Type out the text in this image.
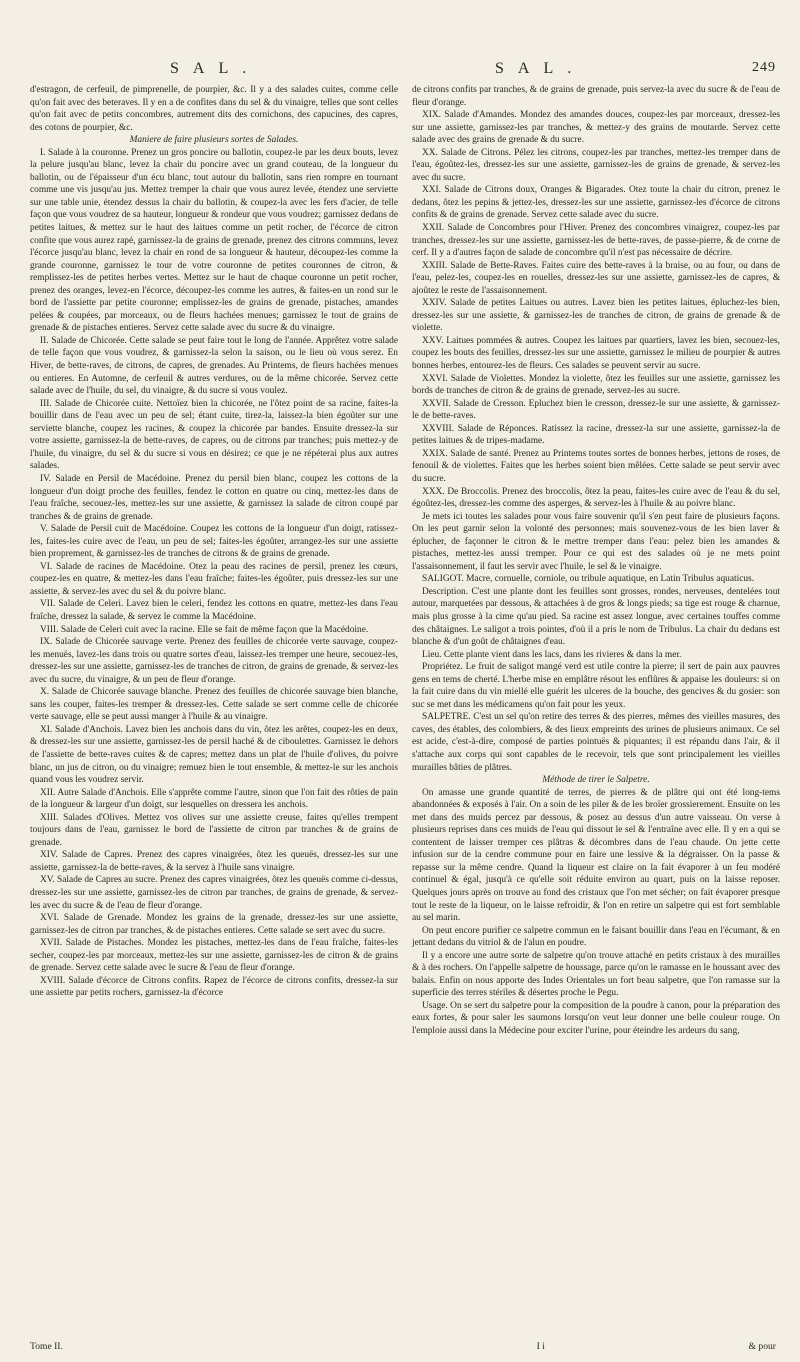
SAL.	SAL.	249

d'estragon, de cerfeuil, de pimprenelle, de pourpier, &c. Il y a des salades cuites, comme celle qu'on fait avec des beteraves. Il y en a de confites dans du sel & du vinaigre, telles que sont celles qu'on fait avec de petits concombres, autrement dits des cornichons, des capucines, des capres, des cotons de pourpier, &c.

Maniere de faire plusieurs sortes de Salades.

I. Salade à la couronne. Prenez un gros poncire ou ballotin, coupez-le par les deux bouts, levez la pelure jusqu'au blanc, levez la chair du poncire avec un grand couteau, de la longueur du ballotin, ou de l'épaisseur d'un écu blanc, tout autour du ballotin, sans rien rompre en tournant comme une vis jusqu'au jus. Mettez tremper la chair que vous aurez levée, étendez une serviette sur une table unie, étendez dessus la chair du ballotin, & coupez-la avec les fers d'acier, de telle façon que vous voudrez de sa hauteur, longueur & rondeur que vous voudrez; garnissez dedans de petites laitues, & mettez sur le haut des laitues comme un petit rocher, de l'écorce de citron confite que vous aurez rapé, garnissez-la de grains de grenade, prenez des citrons communs, levez l'écorce jusqu'au blanc, levez la chair en rond de sa longueur & hauteur, découpez-les comme la grande couronne, garnissez le tour de votre couronne de petites couronnes de citron, & remplissez-les de petites herbes vertes. Mettez sur le haut de chaque couronne un petit rocher, prenez des oranges, levez-en l'écorce, découpez-les comme les autres, & faites-en un rond sur le bord de l'assiette par petite couronne; emplissez-les de grains de grenade, pistaches, amandes pelées & coupées, par morceaux, ou de fleurs hachées menues; garnissez le tout de grains de grenade & de pistaches entieres. Servez cette salade avec du sucre & du vinaigre.

II. Salade de Chicorée. Cette salade se peut faire tout le long de l'année. Apprêtez votre salade de telle façon que vous voudrez, & garnissez-la selon la saison, ou le lieu où vous serez. En Hiver, de bette-raves, de citrons, de capres, de grenades. Au Printems, de fleurs hachées menues ou entieres. En Automne, de cerfeuil & autres verdures, ou de la même chicorée. Servez cette salade avec de l'huile, du sel, du vinaigre, & du sucre si vous voulez.

III. Salade de Chicorée cuite. Nettoïez bien la chicorée, ne l'ôtez point de sa racine, faites-la bouillir dans de l'eau avec un peu de sel; étant cuite, tirez-la, laissez-la bien égoûter sur une serviette blanche, coupez les racines, & coupez la chicorée par bandes. Ensuite dressez-la sur votre assiette, garnissez-la de bette-raves, de capres, ou de citrons par tranches; puis mettez-y de l'huile, du vinaigre, du sel & du sucre si vous en désirez; ce que je ne répéterai plus aux autres salades.

IV. Salade en Persil de Macédoine. Prenez du persil bien blanc, coupez les cottons de la longueur d'un doigt proche des feuilles, fendez le cotton en quatre ou cinq, mettez-les dans de l'eau fraîche, secouez-les, mettez-les sur une assiette, & garnissez la salade de citron coupé par tranches & de grains de grenade.

V. Salade de Persil cuit de Macédoine. Coupez les cottons de la longueur d'un doigt, ratissez-les, faites-les cuire avec de l'eau, un peu de sel; faites-les égoûter, arrangez-les sur une assiette bien proprement, & garnissez-les de tranches de citrons & de grains de grenade.

VI. Salade de racines de Macédoine. Otez la peau des racines de persil, prenez les cœurs, coupez-les en quatre, & mettez-les dans l'eau fraîche; faites-les égoûter, puis dressez-les sur une assiette, & servez-les avec du sel & du poivre blanc.

VII. Salade de Celeri. Lavez bien le celeri, fendez les cottons en quatre, mettez-les dans l'eau fraîche, dressez la salade, & servez le comme la Macédoine.

VIII. Salade de Celeri cuit avec la racine. Elle se fait de même façon que la Macédoine.

IX. Salade de Chicorée sauvage verte. Prenez des feuilles de chicorée verte sauvage, coupez-les menuës, lavez-les dans trois ou quatre sortes d'eau, laissez-les tremper une heure, secouez-les, dressez-les sur une assiette, garnissez-les de tranches de citron, de grains de grenade, & servez-les avec du sucre, du vinaigre, & un peu de fleur d'orange.

X. Salade de Chicorée sauvage blanche. Prenez des feuilles de chicorée sauvage bien blanche, sans les couper, faites-les tremper & dressez-les. Cette salade se sert comme celle de chicorée verte sauvage, elle se peut aussi manger à l'huile & au vinaigre.

XI. Salade d'Anchois. Lavez bien les anchois dans du vin, ôtez les arêtes, coupez-les en deux, & dressez-les sur une assiette, garnissez-les de persil haché & de ciboulettes. Garnissez le dehors de l'assiette de bette-raves cuites & de capres; mettez dans un plat de l'huile d'olives, du poivre blanc, un jus de citron, ou du vinaigre; remuez bien le tout ensemble, & mettez-le sur les anchois quand vous les voudrez servir.

XII. Autre Salade d'Anchois. Elle s'apprête comme l'autre, sinon que l'on fait des rôties de pain de la longueur & largeur d'un doigt, sur lesquelles on dressera les anchois.

XIII. Salades d'Olives. Mettez vos olives sur une assiette creuse, faites qu'elles trempent toujours dans de l'eau, garnissez le bord de l'assiette de citron par tranches & de grains de grenade.

XIV. Salade de Capres. Prenez des capres vinaigrées, ôtez les queuës, dressez-les sur une assiette, garnissez-la de bette-raves, & la servez à l'huile sans vinaigre.

XV. Salade de Capres au sucre. Prenez des capres vinaigrées, ôtez les queuës comme ci-dessus, dressez-les sur une assiette, garnissez-les de citron par tranches, de grains de grenade, & servez-les avec du sucre & de l'eau de fleur d'orange.

XVI. Salade de Grenade. Mondez les grains de la grenade, dressez-les sur une assiette, garnissez-les de citron par tranches, & de pistaches entieres. Cette salade se sert avec du sucre.

XVII. Salade de Pistaches. Mondez les pistaches, mettez-les dans de l'eau fraîche, faites-les secher, coupez-les par morceaux, mettez-les sur une assiette, garnissez-les de citron & de grains de grenade. Servez cette salade avec le sucre & l'eau de fleur d'orange.

XVIII. Salade d'écorce de Citrons confits. Rapez de l'écorce de citrons confits, dressez-la sur une assiette par petits rochers, garnissez-la d'écorce

de citrons confits par tranches, & de grains de grenade, puis servez-la avec du sucre & de l'eau de fleur d'orange.

XIX. Salade d'Amandes. Mondez des amandes douces, coupez-les par morceaux, dressez-les sur une assiette, garnissez-les par tranches, & mettez-y des grains de moutarde. Servez cette salade avec des grains de grenade & du sucre.

XX. Salade de Citrons. Pélez les citrons, coupez-les par tranches, mettez-les tremper dans de l'eau, égoûtez-les, dressez-les sur une assiette, garnissez-les de grains de grenade, & servez-les avec du sucre.

XXI. Salade de Citrons doux, Oranges & Bigarades. Otez toute la chair du citron, prenez le dedans, ôtez les pepins & jettez-les, dressez-les sur une assiette, garnissez-les d'écorce de citrons confits & de grains de grenade. Servez cette salade avec du sucre.

XXII. Salade de Concombres pour l'Hiver. Prenez des concombres vinaigrez, coupez-les par tranches, dressez-les sur une assiette, garnissez-les de bette-raves, de passe-pierre, & de corne de cerf. Il y a d'autres façon de salade de concombre qu'il n'est pas nécessaire de décrire.

XXIII. Salade de Bette-Raves. Faites cuire des bette-raves à la braise, ou au four, ou dans de l'eau, pelez-les, coupez-les en rouelles, dressez-les sur une assiette, garnissez-les de capres, & ajoûtez le reste de l'assaisonnement.

XXIV. Salade de petites Laitues ou autres. Lavez bien les petites laitues, épluchez-les bien, dressez-les sur une assiette, & garnissez-les de tranches de citron, de grains de grenade & de violette.

XXV. Laitues pommées & autres. Coupez les laitues par quartiers, lavez les bien, secouez-les, coupez les bouts des feuilles, dressez-les sur une assiette, garnissez le milieu de pourpier & autres bonnes herbes, entourez-les de fleurs. Ces salades se peuvent servir au sucre.

XXVI. Salade de Violettes. Mondez la violette, ôtez les feuilles sur une assiette, garnissez les bords de tranches de citron & de grains de grenade, servez-les au sucre.

XXVII. Salade de Cresson. Epluchez bien le cresson, dressez-le sur une assiette, & garnissez-le de bette-raves.

XXVIII. Salade de Réponces. Ratissez la racine, dressez-la sur une assiette, garnissez-la de petites laitues & de tripes-madame.

XXIX. Salade de santé. Prenez au Printems toutes sortes de bonnes herbes, jettons de roses, de fenouil & de violettes. Faites que les herbes soient bien mêlées. Cette salade se peut servir avec du sucre.

XXX. De Broccolis. Prenez des broccolis, ôtez la peau, faites-les cuire avec de l'eau & du sel, égoûtez-les, dressez-les comme des asperges, & servez-les à l'huile & au poivre blanc.

Je mets ici toutes les salades pour vous faire souvenir qu'il s'en peut faire de plusieurs façons. On les peut garnir selon la volonté des personnes; mais souvenez-vous de les bien laver & éplucher, de façonner le citron & le mettre tremper dans l'eau: pelez bien les amandes & pistaches, mettez-les aussi tremper. Pour ce qui est des salades où je ne mets point l'assaisonnement, il faut les servir avec l'huile, le sel & le vinaigre.

SALIGOT. Macre, cornuelle, corniole, ou tribule aquatique, en Latin Tribulus aquaticus.

Description. C'est une plante dont les feuilles sont grosses, rondes, nerveuses, dentelées tout autour, marquetées par dessous, & attachées à de gros & longs pieds; sa tige est rouge & charnue, mais plus grosse à la cime qu'au pied. Sa racine est assez longue, avec certaines touffes comme des châtaignes. Le saligot a trois pointes, d'où il a pris le nom de Tribulus. La chair du dedans est blanche & d'un goût de châtaignes d'eau.

Lieu. Cette plante vient dans les lacs, dans les rivieres & dans la mer.

Propriétez. Le fruit de saligot mangé verd est utile contre la pierre; il sert de pain aux pauvres gens en tems de cherté. L'herbe mise en emplâtre résout les enflûres & appaise les douleurs: si on la fait cuire dans du vin miellé elle guérit les ulceres de la bouche, des gencives & du gosier: son suc se met dans les médicamens qu'on fait pour les yeux.

SALPETRE. C'est un sel qu'on retire des terres & des pierres, mêmes des vieilles masures, des caves, des étables, des colombiers, & des lieux empreints des urines de plusieurs animaux. Ce sel est acide, c'est-à-dire, composé de parties pointuës & piquantes; il est répandu dans l'air, & il s'attache aux corps qui sont capables de le recevoir, tels que sont principalement les vieilles murailles bâties de plâtres.

Méthode de tirer le Salpetre.

On amasse une grande quantité de terres, de pierres & de plâtre qui ont été long-tems abandonnées & exposés à l'air. On a soin de les piler & de les broïer grossierement. Ensuite on les met dans des muids percez par dessous, & posez au dessus d'un autre vaisseau. On verse à plusieurs reprises dans ces muids de l'eau qui dissout le sel & l'entraîne avec elle. Il y en a qui se contentent de laisser tremper ces plâtras & décombres dans de l'eau chaude. On jette cette infusion sur de la cendre commune pour en faire une lessive & la dégraisser. On la passe & repasse sur la même cendre. Quand la liqueur est claire on la fait évaporer à un feu modéré continuel & égal, jusqu'à ce qu'elle soit réduite environ au quart, puis on la laisse reposer. Quelques jours après on trouve au fond des cristaux que l'on met sécher; on fait évaporer presque tout le reste de la liqueur, on le laisse refroidir, & l'on en retire un salpetre qui est fort semblable au sel marin.

On peut encore purifier ce salpetre commun en le faisant bouillir dans l'eau en l'écumant, & en jettant dedans du vitriol & de l'alun en poudre.

Il y a encore une autre sorte de salpetre qu'on trouve attaché en petits cristaux à des murailles & à des rochers. On l'appelle salpetre de houssage, parce qu'on le ramasse en le houssant avec des balais. Enfin on nous apporte des Indes Orientales un fort beau salpetre, que l'on ramasse sur la superficie des terres stériles & désertes proche le Pegu.

Usage. On se sert du salpetre pour la composition de la poudre à canon, pour la préparation des eaux fortes, & pour saler les saumons lorsqu'on veut leur donner une belle couleur rouge. On l'emploie aussi dans la Médecine pour exciter l'urine, pour éteindre les ardeurs du sang,

Tome II.	I i	& pour
